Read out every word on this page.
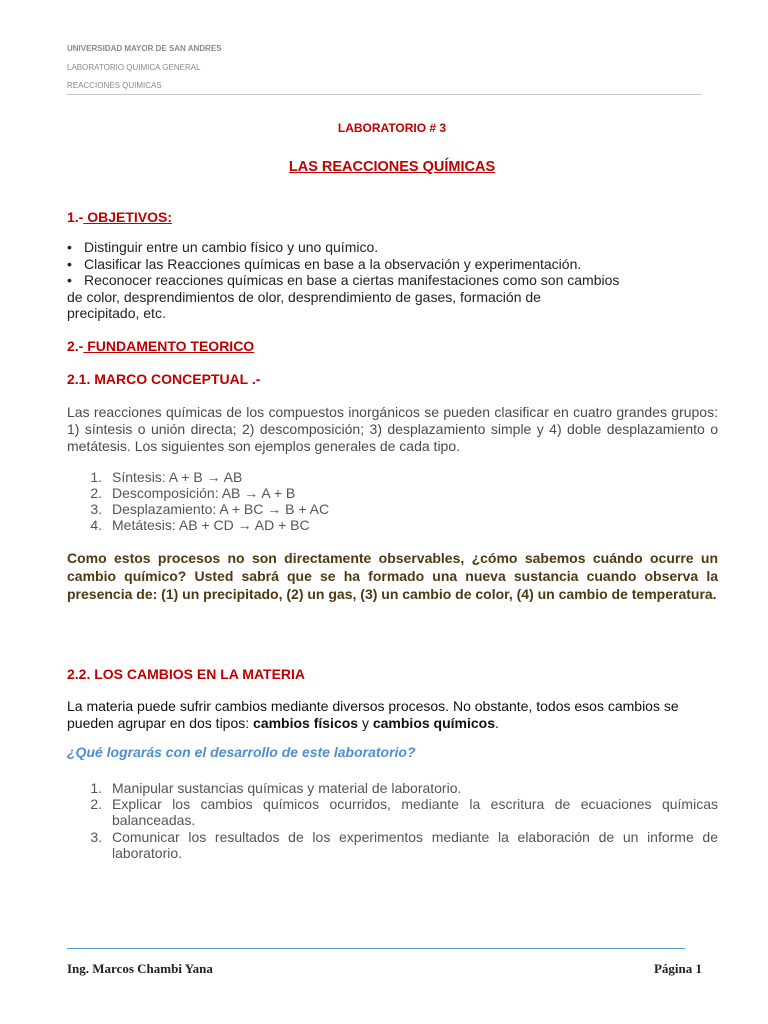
UNIVERSIDAD MAYOR DE SAN ANDRES
LABORATORIO QUIMICA GENERAL
REACCIONES QUIMICAS
LABORATORIO # 3
LAS REACCIONES QUÍMICAS
1.- OBJETIVOS:
• Distinguir entre un cambio físico y uno químico.
• Clasificar las Reacciones químicas en base a la observación y experimentación.
• Reconocer reacciones químicas en base a ciertas manifestaciones como son cambios
de color, desprendimientos de olor, desprendimiento de gases, formación de
precipitado, etc.
2.- FUNDAMENTO TEORICO
2.1. MARCO CONCEPTUAL .-
Las reacciones químicas de los compuestos inorgánicos se pueden clasificar en cuatro grandes grupos: 1) síntesis o unión directa; 2) descomposición; 3) desplazamiento simple y 4) doble desplazamiento o metátesis. Los siguientes son ejemplos generales de cada tipo.
1. Síntesis: A + B → AB
2. Descomposición: AB → A + B
3. Desplazamiento: A + BC → B + AC
4. Metátesis: AB + CD → AD + BC
Como estos procesos no son directamente observables, ¿cómo sabemos cuándo ocurre un cambio químico? Usted sabrá que se ha formado una nueva sustancia cuando observa la presencia de: (1) un precipitado, (2) un gas, (3) un cambio de color, (4) un cambio de temperatura.
2.2. LOS CAMBIOS EN LA MATERIA
La materia puede sufrir cambios mediante diversos procesos. No obstante, todos esos cambios se
pueden agrupar en dos tipos: cambios físicos y cambios químicos.
¿Qué lograrás con el desarrollo de este laboratorio?
1. Manipular sustancias químicas y material de laboratorio.
2. Explicar los cambios químicos ocurridos, mediante la escritura de ecuaciones químicas balanceadas.
3. Comunicar los resultados de los experimentos mediante la elaboración de un informe de laboratorio.
Ing. Marcos Chambi Yana	Página 1
